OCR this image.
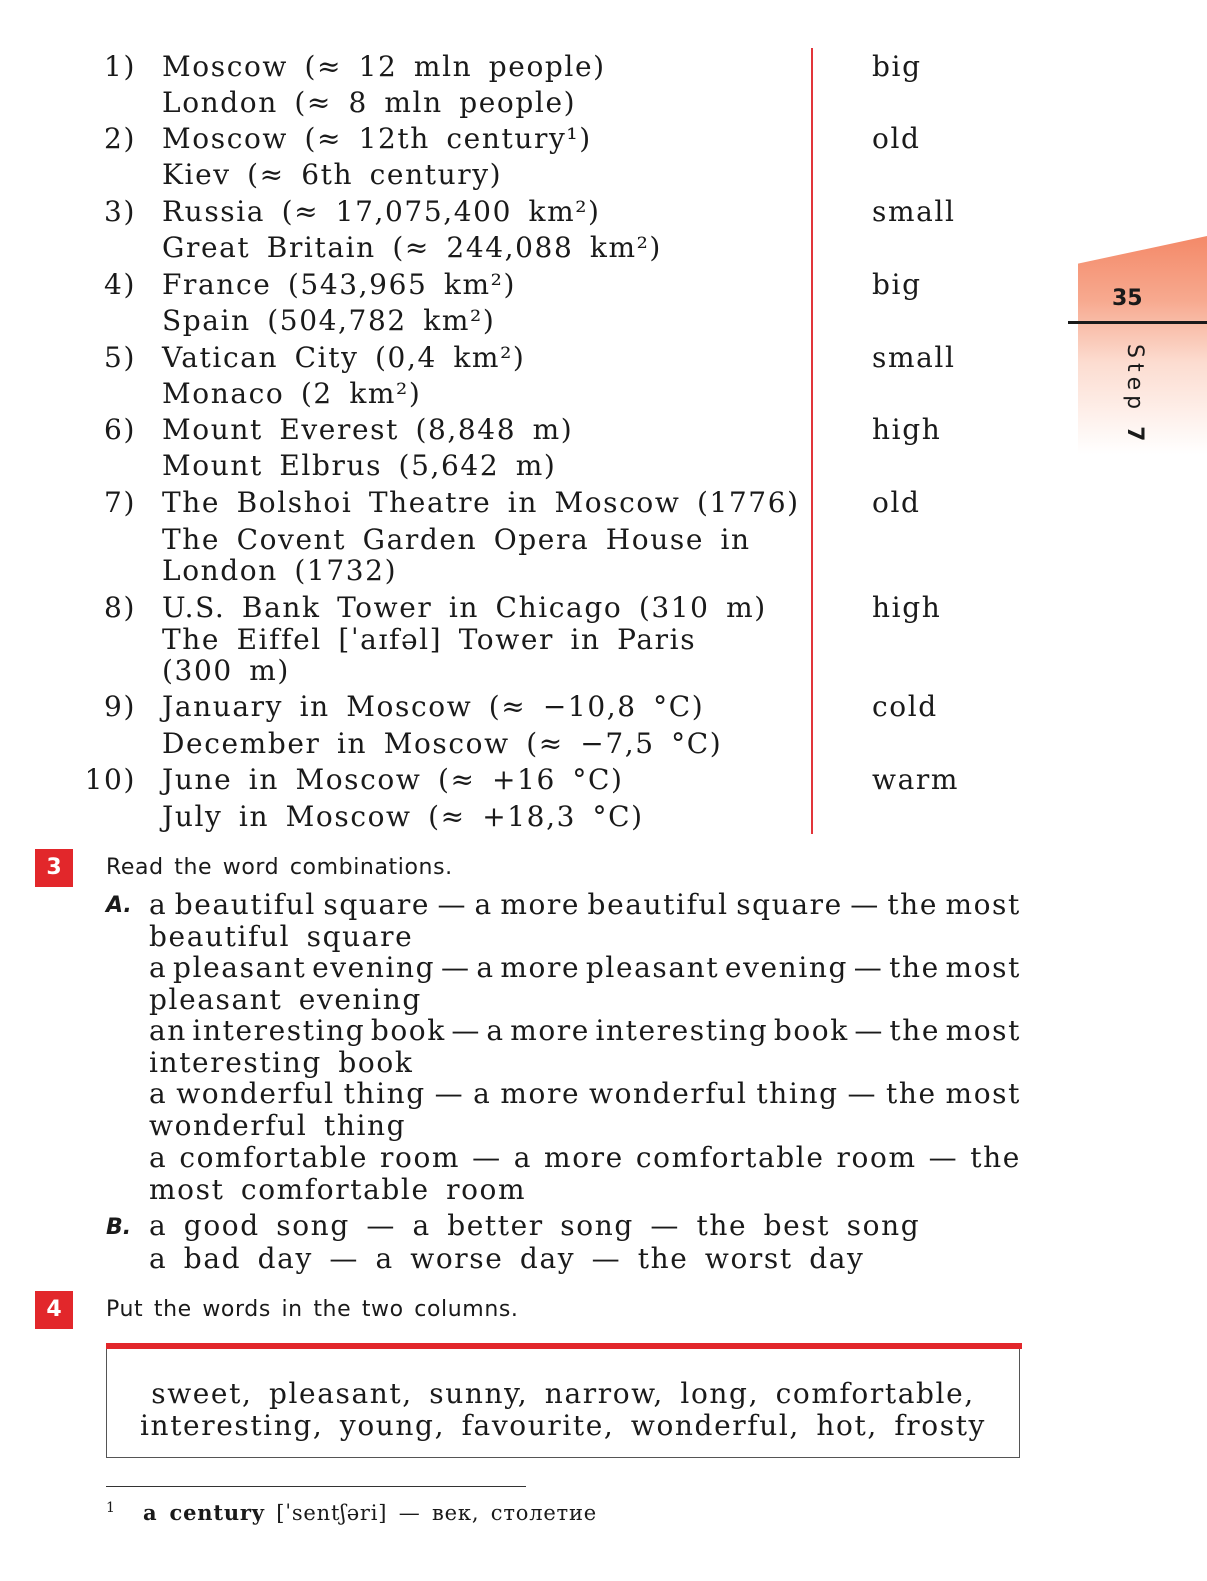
1) Moscow (≈ 12 mln people)
London (≈ 8 mln people)
big
2) Moscow (≈ 12th century¹)
Kiev (≈ 6th century)
old
3) Russia (≈ 17,075,400 km²)
Great Britain (≈ 244,088 km²)
small
4) France (543,965 km²)
Spain (504,782 km²)
big
5) Vatican City (0,4 km²)
Monaco (2 km²)
small
6) Mount Everest (8,848 m)
Mount Elbrus (5,642 m)
high
7) The Bolshoi Theatre in Moscow (1776)
The Covent Garden Opera House in
London (1732)
old
8) U.S. Bank Tower in Chicago (310 m)
The Eiffel [ˈaɪfəl] Tower in Paris
(300 m)
high
9) January in Moscow (≈ −10,8 °C)
December in Moscow (≈ −7,5 °C)
cold
10) June in Moscow (≈ +16 °C)
July in Moscow (≈ +18,3 °C)
warm
35
Step 7
3	Read the word combinations.
A. a beautiful square — a more beautiful square — the most
beautiful square
a pleasant evening — a more pleasant evening — the most
pleasant evening
an interesting book — a more interesting book — the most
interesting book
a wonderful thing — a more wonderful thing — the most
wonderful thing
a comfortable room — a more comfortable room — the
most comfortable room
B. a good song — a better song — the best song
a bad day — a worse day — the worst day
4	Put the words in the two columns.
sweet, pleasant, sunny, narrow, long, comfortable,
interesting, young, favourite, wonderful, hot, frosty
1 a century [ˈsentʃəri] — век, столетие
